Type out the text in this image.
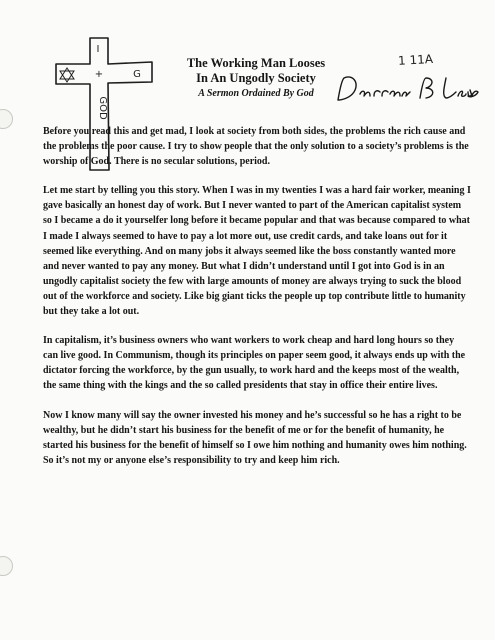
I
+	G
GOD

The Working Man Looses

In An Ungodly Society

A Sermon Ordained By God

1 11A

Before you read this and get mad, I look at society from both sides, the problems the rich cause and the problems the poor cause. I try to show people that the only solution to a society’s problems is the worship of God. There is no secular solutions, period.

Let me start by telling you this story. When I was in my twenties I was a hard fair worker, meaning I gave basically an honest day of work. But I never wanted to part of the American capitalist system so I became a do it yourselfer long before it became popular and that was because compared to what I made I always seemed to have to pay a lot more out, use credit cards, and take loans out for it seemed like everything. And on many jobs it always seemed like the boss constantly wanted more and never wanted to pay any money. But what I didn’t understand until I got into God is in an ungodly capitalist society the few with large amounts of money are always trying to suck the blood out of the workforce and society. Like big giant ticks the people up top contribute little to humanity but they take a lot out.

In capitalism, it’s business owners who want workers to work cheap and hard long hours so they can live good. In Communism, though its principles on paper seem good, it always ends up with the dictator forcing the workforce, by the gun usually, to work hard and the keeps most of the wealth, the same thing with the kings and the so called presidents that stay in office their entire lives.

Now I know many will say the owner invested his money and he’s successful so he has a right to be wealthy, but he didn’t start his business for the benefit of me or for the benefit of humanity, he started his business for the benefit of himself so I owe him nothing and humanity owes him nothing. So it’s not my or anyone else’s responsibility to try and keep him rich.
